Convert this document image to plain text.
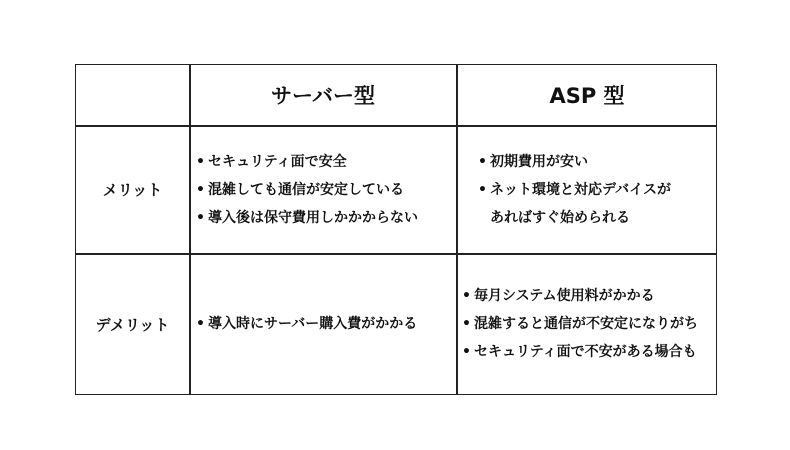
サーバー型	ASP 型
メリット
• セキュリティ面で安全
• 混雑しても通信が安定している
• 導入後は保守費用しかかからない
• 初期費用が安い
• ネット環境と対応デバイスが
あればすぐ始められる
デメリット	• 導入時にサーバー購入費がかかる
• 毎月システム使用料がかかる
• 混雑すると通信が不安定になりがち
• セキュリティ面で不安がある場合も
